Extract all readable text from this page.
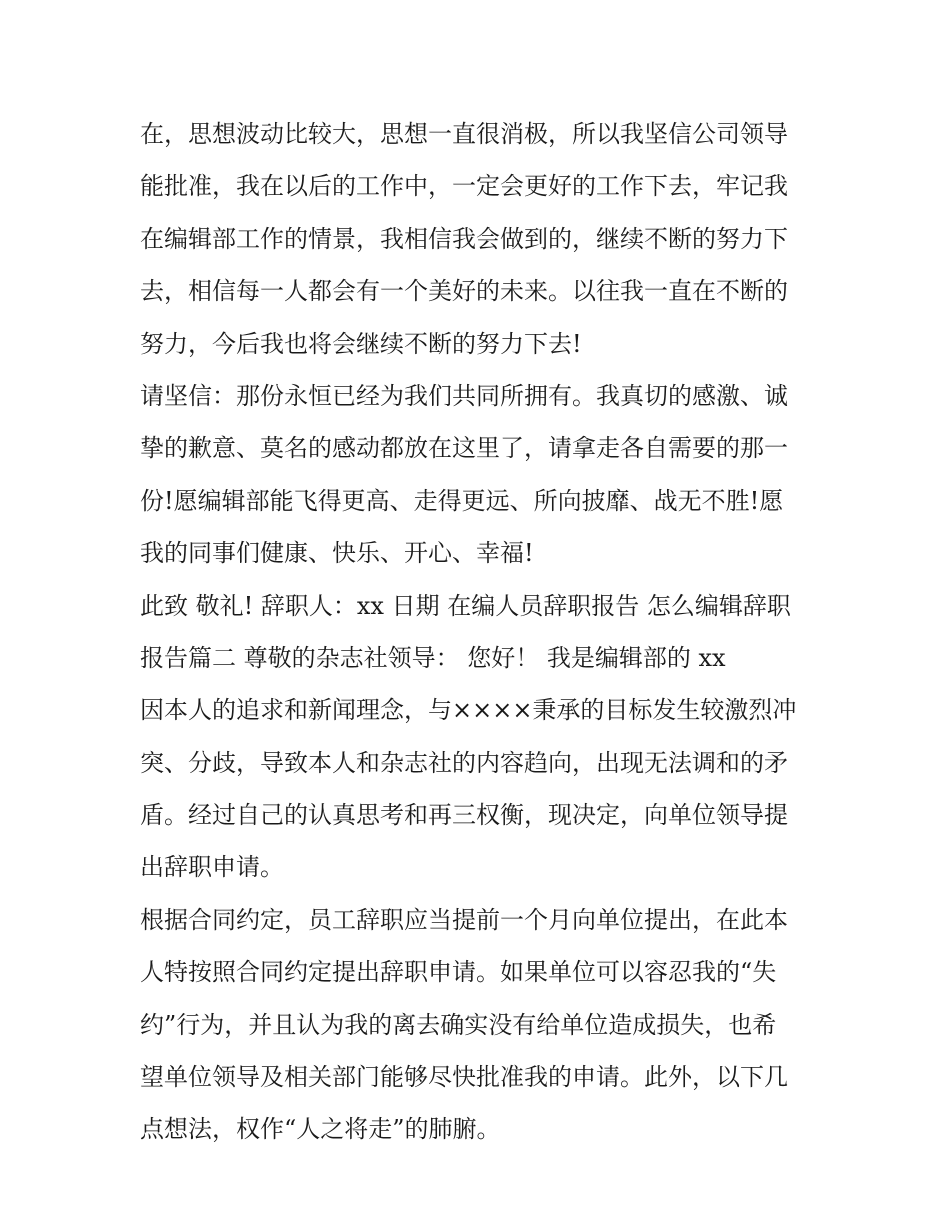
在，思想波动比较大，思想一直很消极，所以我坚信公司领导
能批准，我在以后的工作中，一定会更好的工作下去，牢记我
在编辑部工作的情景，我相信我会做到的，继续不断的努力下
去，相信每一人都会有一个美好的未来。以往我一直在不断的
努力，今后我也将会继续不断的努力下去!
请坚信：那份永恒已经为我们共同所拥有。我真切的感激、诚
挚的歉意、莫名的感动都放在这里了，请拿走各自需要的那一
份!愿编辑部能飞得更高、走得更远、所向披靡、战无不胜!愿
我的同事们健康、快乐、开心、幸福!
此致 敬礼! 辞职人：xx 日期 在编人员辞职报告 怎么编辑辞职
报告篇二 尊敬的杂志社领导： 您好！ 我是编辑部的 xx
因本人的追求和新闻理念，与××××秉承的目标发生较激烈冲
突、分歧，导致本人和杂志社的内容趋向，出现无法调和的矛
盾。经过自己的认真思考和再三权衡，现决定，向单位领导提
出辞职申请。
根据合同约定，员工辞职应当提前一个月向单位提出，在此本
人特按照合同约定提出辞职申请。如果单位可以容忍我的“失
约”行为，并且认为我的离去确实没有给单位造成损失，也希
望单位领导及相关部门能够尽快批准我的申请。此外，以下几
点想法，权作“人之将走”的肺腑。
